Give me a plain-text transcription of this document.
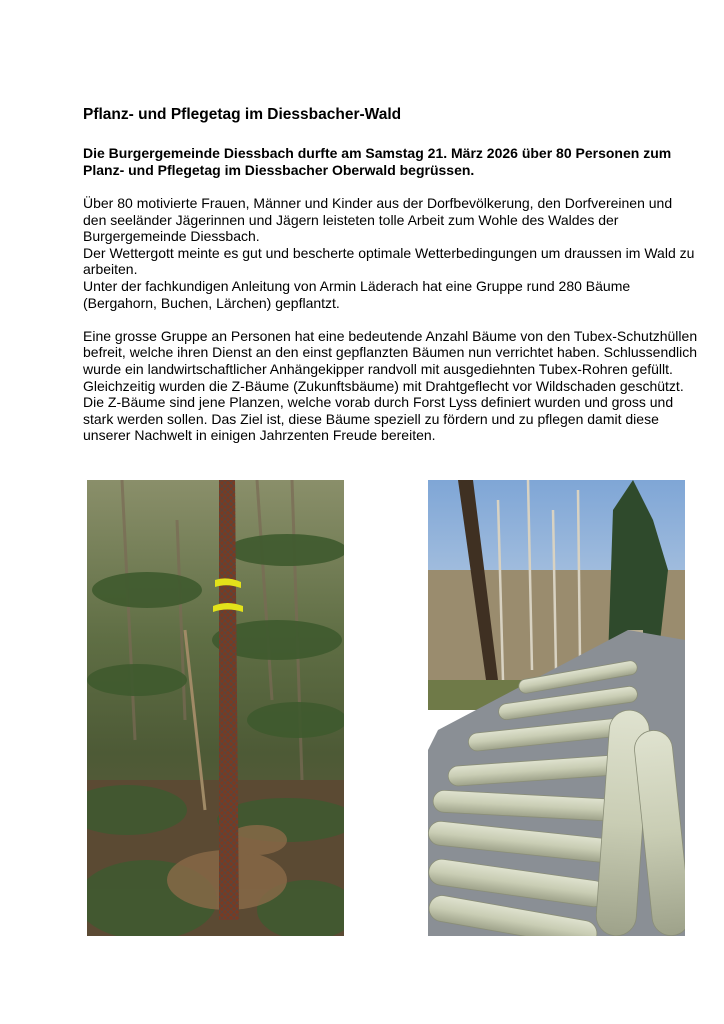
Pflanz- und Pflegetag im Diessbacher-Wald

Die Burgergemeinde Diessbach durfte am Samstag 21. März 2026 über 80 Personen zum Planz- und Pflegetag im Diessbacher Oberwald begrüssen.

Über 80 motivierte Frauen, Männer und Kinder aus der Dorfbevölkerung, den Dorfvereinen und den seeländer Jägerinnen und Jägern leisteten tolle Arbeit zum Wohle des Waldes der Burgergemeinde Diessbach.

Der Wettergott meinte es gut und bescherte optimale Wetterbedingungen um draussen im Wald zu arbeiten.

Unter der fachkundigen Anleitung von Armin Läderach hat eine Gruppe rund 280 Bäume (Bergahorn, Buchen, Lärchen) gepflantzt.

Eine grosse Gruppe an Personen hat eine bedeutende Anzahl Bäume von den Tubex-Schutzhüllen befreit, welche ihren Dienst an den einst gepflanzten Bäumen nun verrichtet haben. Schlussendlich wurde ein landwirtschaftlicher Anhängekipper randvoll mit ausgediehnten Tubex-Rohren gefüllt.

Gleichzeitig wurden die Z-Bäume (Zukunftsbäume) mit Drahtgeflecht vor Wildschaden geschützt. Die Z-Bäume sind jene Planzen, welche vorab durch Forst Lyss definiert wurden und gross und stark werden sollen. Das Ziel ist, diese Bäume speziell zu fördern und zu pflegen damit diese unserer Nachwelt in einigen Jahrzenten Freude bereiten.
